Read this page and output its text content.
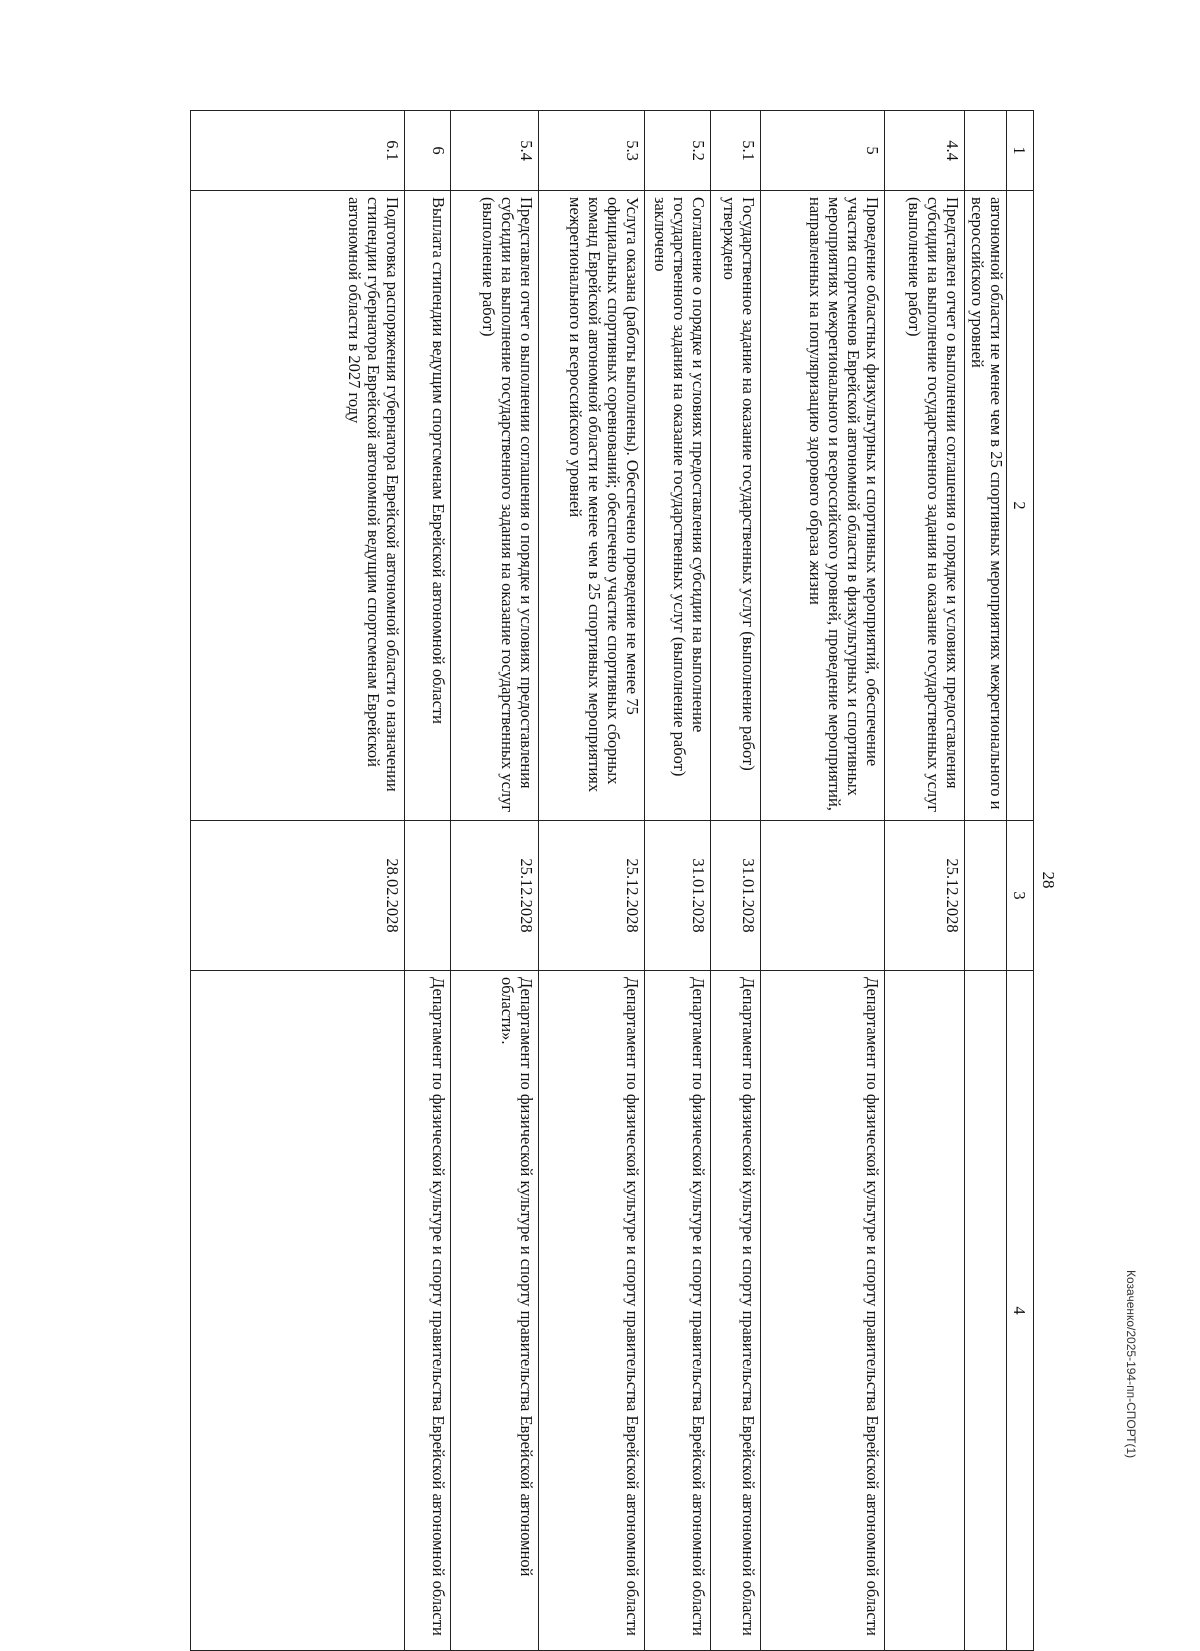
28
1	2	3	4
	автономной области не менее чем в 25 спортивных мероприятиях межрегионального и всероссийского уровней		
4.4	Представлен отчет о выполнении соглашения о порядке и условиях предоставления субсидии на выполнение государственного задания на оказание государственных услуг (выполнение работ)	25.12.2028	
5	Проведение областных физкультурных и спортивных мероприятий, обеспечение участия спортсменов Еврейской автономной области в физкультурных и спортивных мероприятиях межрегионального и всероссийского уровней, проведение мероприятий, направленных на популяризацию здорового образа жизни		Департамент по физической культуре и спорту правительства Еврейской автономной области
5.1	Государственное задание на оказание государственных услуг (выполнение работ) утверждено	31.01.2028	Департамент по физической культуре и спорту правительства Еврейской автономной области
5.2	Соглашение о порядке и условиях предоставления субсидии на выполнение государственного задания на оказание государственных услуг (выполнение работ) заключено	31.01.2028	Департамент по физической культуре и спорту правительства Еврейской автономной области
5.3	Услуга оказана (работы выполнены). Обеспечено проведение не менее 75 официальных спортивных соревнований; обеспечено участие спортивных сборных команд Еврейской автономной области не менее чем в 25 спортивных мероприятиях межрегионального и всероссийского уровней	25.12.2028	Департамент по физической культуре и спорту правительства Еврейской автономной области
5.4	Представлен отчет о выполнении соглашения о порядке и условиях предоставления субсидии на выполнение государственного задания на оказание государственных услуг (выполнение работ)	25.12.2028	Департамент по физической культуре и спорту правительства Еврейской автономной области».
6	Выплата стипендии ведущим спортсменам Еврейской автономной области		Департамент по физической культуре и спорту правительства Еврейской автономной области
6.1	Подготовка распоряжения губернатора Еврейской автономной области о назначении стипендии губернатора Еврейской автономной ведущим спортсменам Еврейской автономной области в 2027 году	28.02.2028	
Козаченко/2025-194-пп-СПОРТ(1)
